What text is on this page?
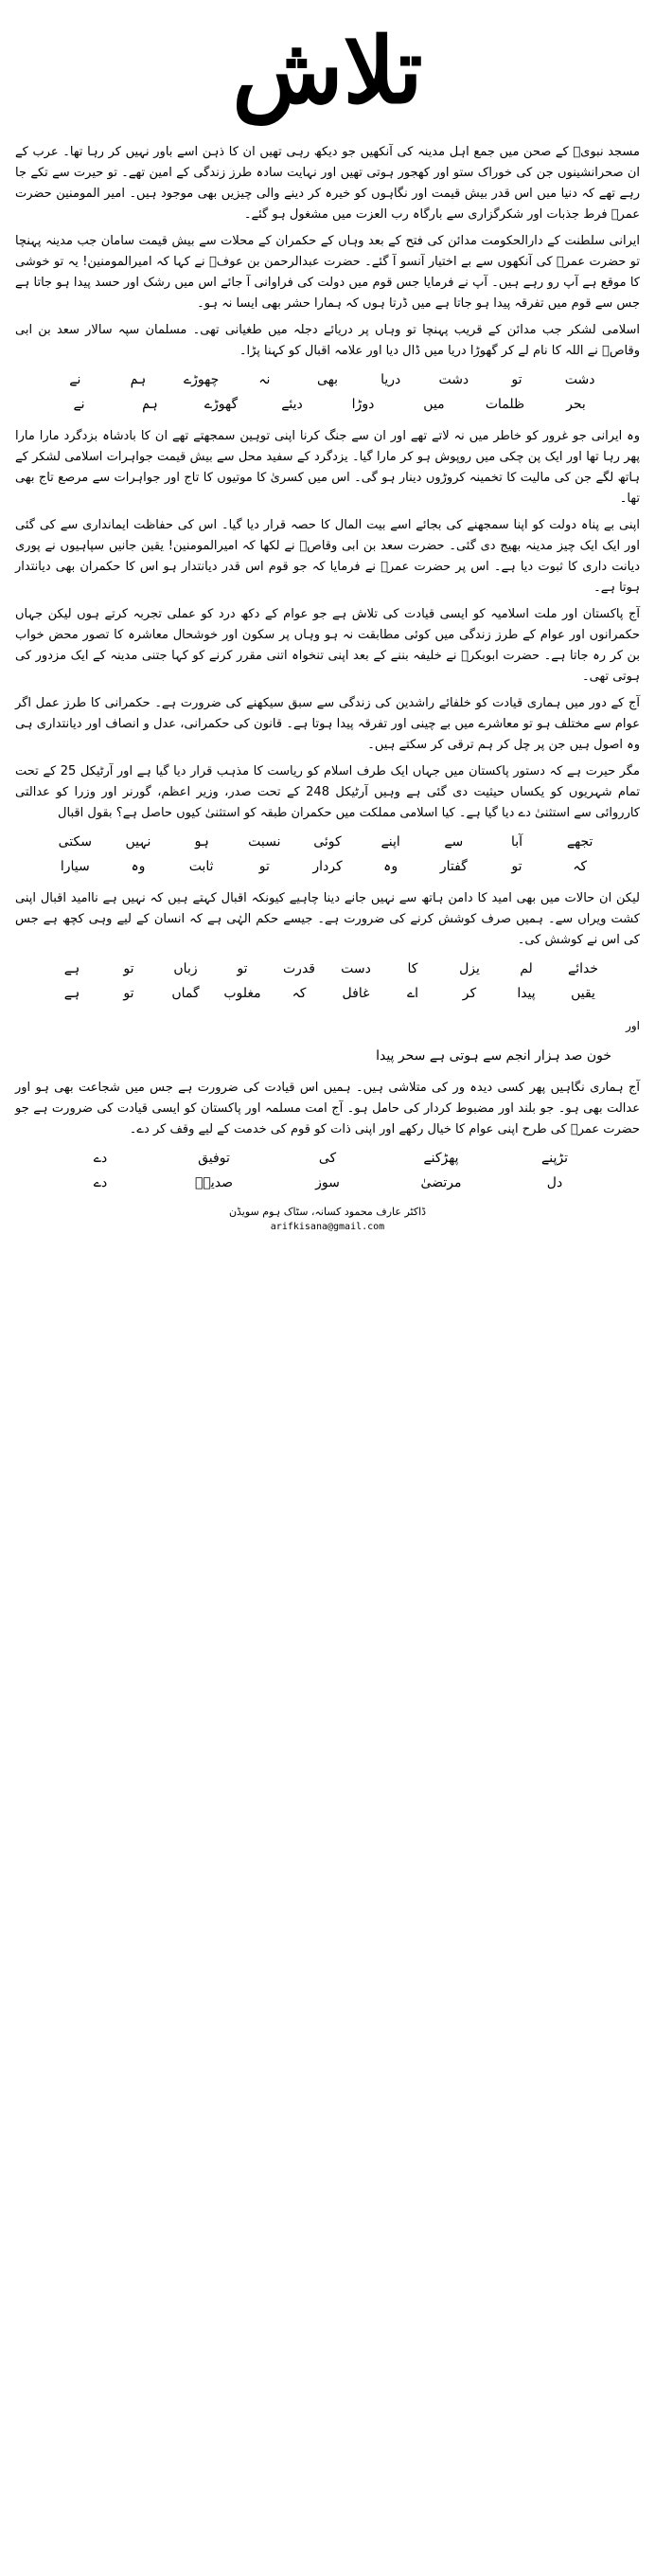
تلاش

مسجد نبویؐ کے صحن میں جمع اہل مدینہ کی آنکھیں جو دیکھ رہی تھیں ان کا ذہن اسے باور نہیں کر رہا تھا۔ عرب کے ان صحرانشینوں جن کی خوراک ستو اور کھجور ہوتی تھیں اور نہایت سادہ طرز زندگی کے امین تھے۔ تو حیرت سے تکے جا رہے تھے کہ دنیا میں اس قدر بیش قیمت اور نگاہوں کو خیرہ کر دینے والی چیزیں بھی موجود ہیں۔ امیر المومنین حضرت عمرؓ فرط جذبات اور شکرگزاری سے بارگاہ رب العزت میں مشغول ہو گئے۔

ایرانی سلطنت کے دارالحکومت مدائن کی فتح کے بعد وہاں کے حکمران کے محلات سے بیش قیمت سامان جب مدینہ پہنچا تو حضرت عمرؓ کی آنکھوں سے بے اختیار آنسو آ گئے۔ حضرت عبدالرحمن بن عوفؓ نے کہا کہ امیرالمومنین! یہ تو خوشی کا موقع ہے آپ رو رہے ہیں۔ آپ نے فرمایا جس قوم میں دولت کی فراوانی آ جائے اس میں رشک اور حسد پیدا ہو جاتا ہے جس سے قوم میں تفرقہ پیدا ہو جاتا ہے میں ڈرتا ہوں کہ ہمارا حشر بھی ایسا نہ ہو۔

اسلامی لشکر جب مدائن کے قریب پہنچا تو وہاں پر دریائے دجلہ میں طغیانی تھی۔ مسلمان سپہ سالار سعد بن ابی وقاصؓ نے اللہ کا نام لے کر گھوڑا دریا میں ڈال دیا اور علامہ اقبال کو کہنا پڑا۔

دشت
تو
دشت
دریا
بھی
نہ
چھوڑے
ہم
نے
بحر
ظلمات
میں
دوڑا
دیئے
گھوڑے
ہم
نے

وہ ایرانی جو غرور کو خاطر میں نہ لاتے تھے اور ان سے جنگ کرنا اپنی توہین سمجھتے تھے ان کا بادشاہ بزدگرد مارا مارا پھر رہا تھا اور ایک پن چکی میں روپوش ہو کر مارا گیا۔ یزدگرد کے سفید محل سے بیش قیمت جواہرات اسلامی لشکر کے ہاتھ لگے جن کی مالیت کا تخمینہ کروڑوں دینار ہو گی۔ اس میں کسریٰ کا موتیوں کا تاج اور جواہرات سے مرصع تاج بھی تھا۔

اپنی بے پناہ دولت کو اپنا سمجھنے کی بجائے اسے بیت المال کا حصہ قرار دیا گیا۔ اس کی حفاظت ایمانداری سے کی گئی اور ایک ایک چیز مدینہ بھیج دی گئی۔ حضرت سعد بن ابی وقاصؓ نے لکھا کہ امیرالمومنین! یقین جانیں سپاہیوں نے پوری دیانت داری کا ثبوت دیا ہے۔ اس پر حضرت عمرؓ نے فرمایا کہ جو قوم اس قدر دیانتدار ہو اس کا حکمران بھی دیانتدار ہوتا ہے۔

آج پاکستان اور ملت اسلامیہ کو ایسی قیادت کی تلاش ہے جو عوام کے دکھ درد کو عملی تجربہ کرتے ہوں لیکن جہاں حکمرانوں اور عوام کے طرز زندگی میں کوئی مطابقت نہ ہو وہاں پر سکون اور خوشحال معاشرہ کا تصور محض خواب بن کر رہ جاتا ہے۔ حضرت ابوبکرؓ نے خلیفہ بننے کے بعد اپنی تنخواہ اتنی مقرر کرنے کو کہا جتنی مدینہ کے ایک مزدور کی ہوتی تھی۔

آج کے دور میں ہماری قیادت کو خلفائے راشدین کی زندگی سے سبق سیکھنے کی ضرورت ہے۔ حکمرانی کا طرز عمل اگر عوام سے مختلف ہو تو معاشرے میں بے چینی اور تفرقہ پیدا ہوتا ہے۔ قانون کی حکمرانی، عدل و انصاف اور دیانتداری ہی وہ اصول ہیں جن پر چل کر ہم ترقی کر سکتے ہیں۔

مگر حیرت ہے کہ دستور پاکستان میں جہاں ایک طرف اسلام کو ریاست کا مذہب قرار دیا گیا ہے اور آرٹیکل 25 کے تحت تمام شہریوں کو یکساں حیثیت دی گئی ہے وہیں آرٹیکل 248 کے تحت صدر، وزیر اعظم، گورنر اور وزرا کو عدالتی کارروائی سے استثنیٰ دے دیا گیا ہے۔ کیا اسلامی مملکت میں حکمران طبقہ کو استثنیٰ کیوں حاصل ہے؟ بقول اقبال

تجھے
آبا
سے
اپنے
کوئی
نسبت
ہو
نہیں
سکتی
کہ
تو
گفتار
وہ
کردار
تو
ثابت
وہ
سیارا

لیکن ان حالات میں بھی امید کا دامن ہاتھ سے نہیں جانے دینا چاہیے کیونکہ اقبال کہتے ہیں کہ نہیں ہے ناامید اقبال اپنی کشت ویراں سے۔ ہمیں صرف کوشش کرنے کی ضرورت ہے۔ جیسے حکم الہٰی ہے کہ انسان کے لیے وہی کچھ ہے جس کی اس نے کوشش کی۔

خدائے
لم
یزل
کا
دست
قدرت
تو
زباں
تو
ہے
یقیں
پیدا
کر
اے
غافل
کہ
مغلوب
گماں
تو
ہے

اور

خون صد ہزار انجم سے ہوتی ہے سحر پیدا

آج ہماری نگاہیں پھر کسی دیدہ ور کی متلاشی ہیں۔ ہمیں اس قیادت کی ضرورت ہے جس میں شجاعت بھی ہو اور عدالت بھی ہو۔ جو بلند اور مضبوط کردار کی حامل ہو۔ آج امت مسلمہ اور پاکستان کو ایسی قیادت کی ضرورت ہے جو حضرت عمرؓ کی طرح اپنی عوام کا خیال رکھے اور اپنی ذات کو قوم کی خدمت کے لیے وقف کر دے۔

تڑپنے
پھڑکنے
کی
توفیق
دے
دل
مرتضیٰ
سوز
صدیقؓ
دے
ڈاکٹر عارف محمود کسانہ، سٹاک ہوم سویڈن
arifkisana@gmail.com
